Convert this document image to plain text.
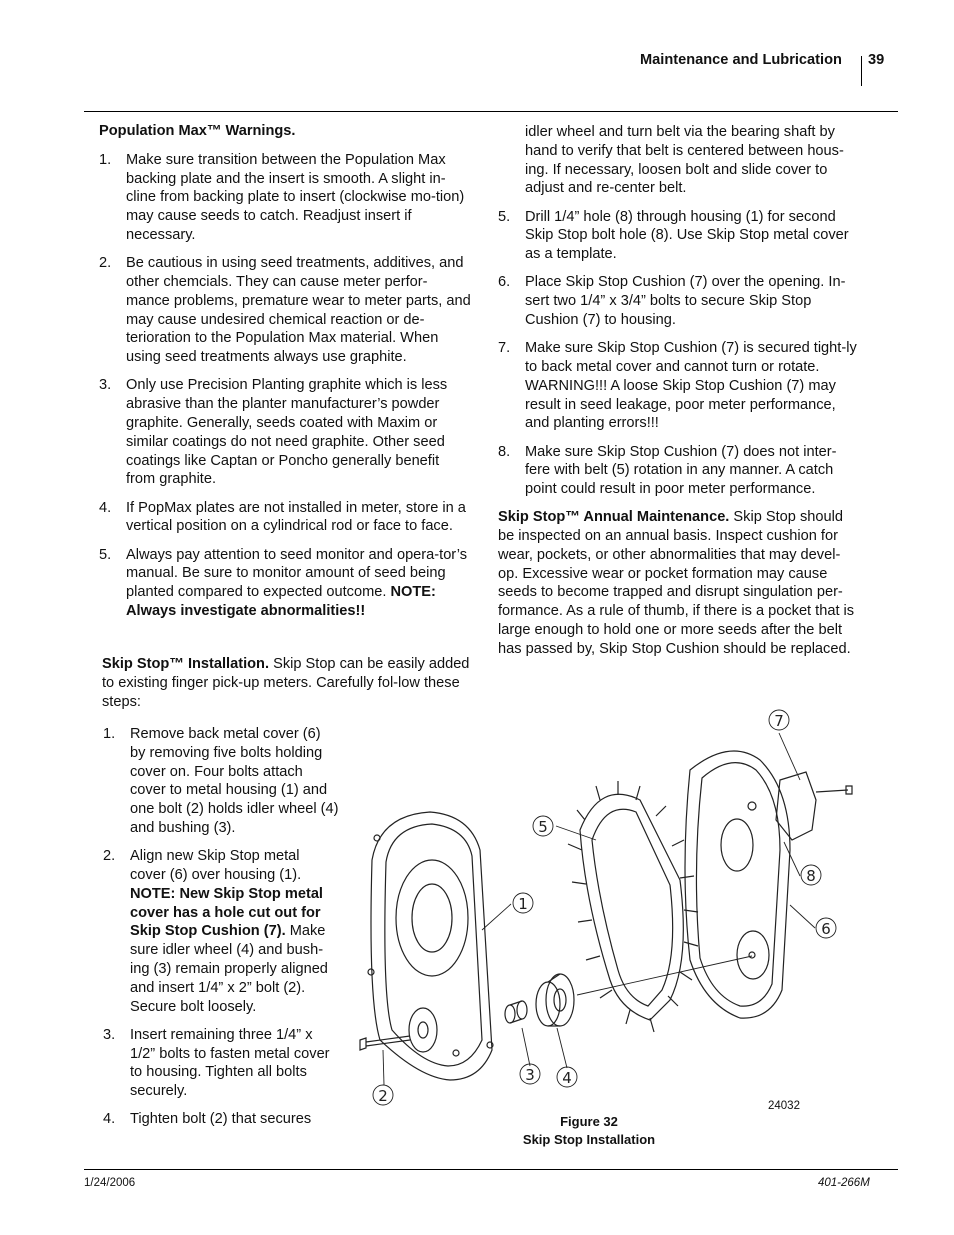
Maintenance and Lubrication 39
Population Max™ Warnings.
1. Make sure transition between the Population Max backing plate and the insert is smooth. A slight in-cline from backing plate to insert (clockwise mo-tion) may cause seeds to catch. Readjust insert if necessary.
2. Be cautious in using seed treatments, additives, and other chemcials. They can cause meter perfor-mance problems, premature wear to meter parts, and may cause undesired chemical reaction or de-terioration to the Population Max material. When using seed treatments always use graphite.
3. Only use Precision Planting graphite which is less abrasive than the planter manufacturer’s powder graphite. Generally, seeds coated with Maxim or similar coatings do not need graphite. Other seed coatings like Captan or Poncho generally benefit from graphite.
4. If PopMax plates are not installed in meter, store in a vertical position on a cylindrical rod or face to face.
5. Always pay attention to seed monitor and opera-tor’s manual. Be sure to monitor amount of seed being planted compared to expected outcome. NOTE: Always investigate abnormalities!!
Skip Stop™ Installation. Skip Stop can be easily added to existing finger pick-up meters. Carefully fol-low these steps:
1. Remove back metal cover (6) by removing five bolts holding cover on. Four bolts attach cover to metal housing (1) and one bolt (2) holds idler wheel (4) and bushing (3).
2. Align new Skip Stop metal cover (6) over housing (1). NOTE: New Skip Stop metal cover has a hole cut out for Skip Stop Cushion (7). Make sure idler wheel (4) and bush-ing (3) remain properly aligned and insert 1/4” x 2” bolt (2). Secure bolt loosely.
3. Insert remaining three 1/4” x 1/2” bolts to fasten metal cover to housing. Tighten all bolts securely.
4. Tighten bolt (2) that secures
idler wheel and turn belt via the bearing shaft by hand to verify that belt is centered between hous-ing. If necessary, loosen bolt and slide cover to adjust and re-center belt.
5. Drill 1/4” hole (8) through housing (1) for second Skip Stop bolt hole (8). Use Skip Stop metal cover as a template.
6. Place Skip Stop Cushion (7) over the opening. In-sert two 1/4” x 3/4” bolts to secure Skip Stop Cushion (7) to housing.
7. Make sure Skip Stop Cushion (7) is secured tight-ly to back metal cover and cannot turn or rotate. WARNING!!! A loose Skip Stop Cushion (7) may result in seed leakage, poor meter performance, and planting errors!!!
8. Make sure Skip Stop Cushion (7) does not inter-fere with belt (5) rotation in any manner. A catch point could result in poor meter performance.
Skip Stop™ Annual Maintenance. Skip Stop should be inspected on an annual basis. Inspect cushion for wear, pockets, or other abnormalities that may devel-op. Excessive wear or pocket formation may cause seeds to become trapped and disrupt singulation per-formance. As a rule of thumb, if there is a pocket that is large enough to hold one or more seeds after the belt has passed by, Skip Stop Cushion should be replaced.
7
5
1
8
6
2
3 4
24032
Figure 32
Skip Stop Installation
1/24/2006	401-266M
